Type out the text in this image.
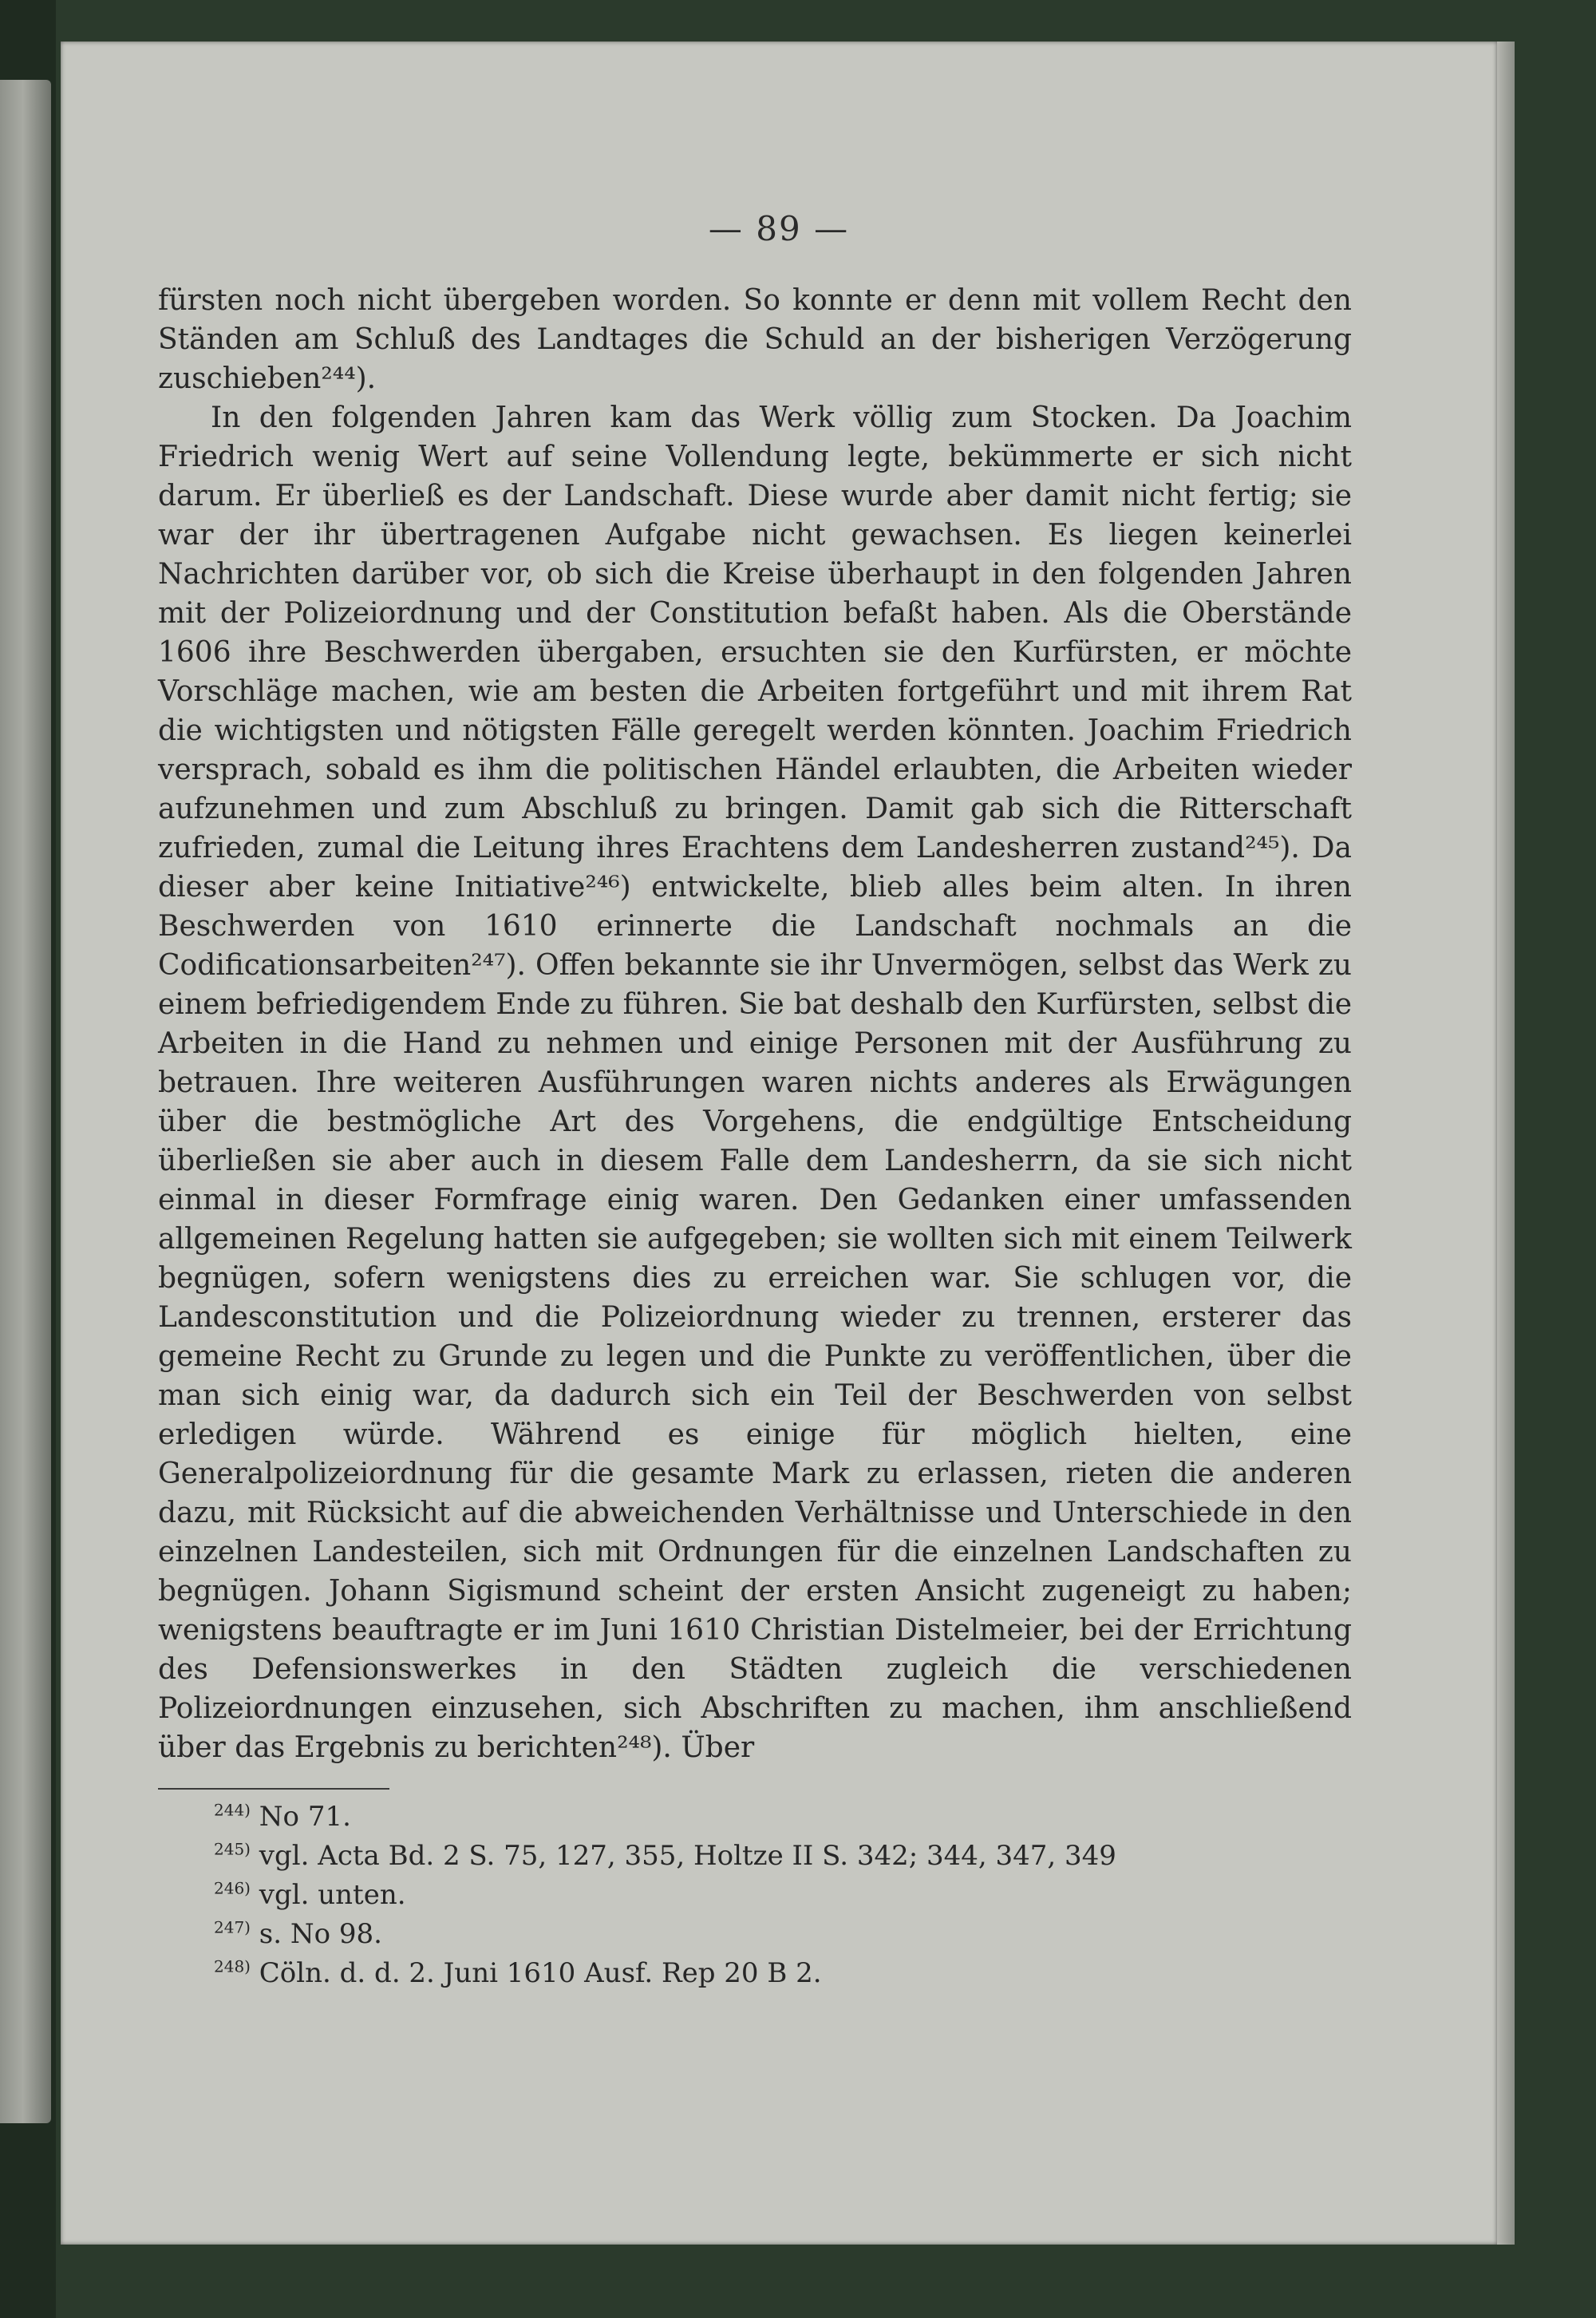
— 89 —

fürsten noch nicht übergeben worden. So konnte er denn mit vollem Recht den Ständen am Schluß des Landtages die Schuld an der bisherigen Verzögerung zuschieben²⁴⁴).

In den folgenden Jahren kam das Werk völlig zum Stocken. Da Joachim Friedrich wenig Wert auf seine Vollendung legte, bekümmerte er sich nicht darum. Er überließ es der Landschaft. Diese wurde aber damit nicht fertig; sie war der ihr übertragenen Aufgabe nicht gewachsen. Es liegen keinerlei Nachrichten darüber vor, ob sich die Kreise überhaupt in den folgenden Jahren mit der Polizeiordnung und der Constitution befaßt haben. Als die Oberstände 1606 ihre Beschwerden übergaben, ersuchten sie den Kurfürsten, er möchte Vorschläge machen, wie am besten die Arbeiten fortgeführt und mit ihrem Rat die wichtigsten und nötigsten Fälle geregelt werden könnten. Joachim Friedrich versprach, sobald es ihm die politischen Händel erlaubten, die Arbeiten wieder aufzunehmen und zum Abschluß zu bringen. Damit gab sich die Ritterschaft zufrieden, zumal die Leitung ihres Erachtens dem Landesherren zustand²⁴⁵). Da dieser aber keine Initiative²⁴⁶) entwickelte, blieb alles beim alten. In ihren Beschwerden von 1610 erinnerte die Landschaft nochmals an die Codificationsarbeiten²⁴⁷). Offen bekannte sie ihr Unvermögen, selbst das Werk zu einem befriedigendem Ende zu führen. Sie bat deshalb den Kurfürsten, selbst die Arbeiten in die Hand zu nehmen und einige Personen mit der Ausführung zu betrauen. Ihre weiteren Ausführungen waren nichts anderes als Erwägungen über die bestmögliche Art des Vorgehens, die endgültige Entscheidung überließen sie aber auch in diesem Falle dem Landesherrn, da sie sich nicht einmal in dieser Formfrage einig waren. Den Gedanken einer umfassenden allgemeinen Regelung hatten sie aufgegeben; sie wollten sich mit einem Teilwerk begnügen, sofern wenigstens dies zu erreichen war. Sie schlugen vor, die Landesconstitution und die Polizeiordnung wieder zu trennen, ersterer das gemeine Recht zu Grunde zu legen und die Punkte zu veröffentlichen, über die man sich einig war, da dadurch sich ein Teil der Beschwerden von selbst erledigen würde. Während es einige für möglich hielten, eine Generalpolizeiordnung für die gesamte Mark zu erlassen, rieten die anderen dazu, mit Rücksicht auf die abweichenden Verhältnisse und Unterschiede in den einzelnen Landesteilen, sich mit Ordnungen für die einzelnen Landschaften zu begnügen. Johann Sigismund scheint der ersten Ansicht zugeneigt zu haben; wenigstens beauftragte er im Juni 1610 Christian Distelmeier, bei der Errichtung des Defensionswerkes in den Städten zugleich die verschiedenen Polizeiordnungen einzusehen, sich Abschriften zu machen, ihm anschließend über das Ergebnis zu berichten²⁴⁸). Über

$^{244)}$ No 71.
$^{245)}$ vgl. Acta Bd. 2 S. 75, 127, 355, Holtze II S. 342; 344, 347, 349
$^{246)}$ vgl. unten.
$^{247)}$ s. No 98.
$^{248)}$ Cöln. d. d. 2. Juni 1610 Ausf. Rep 20 B 2.
